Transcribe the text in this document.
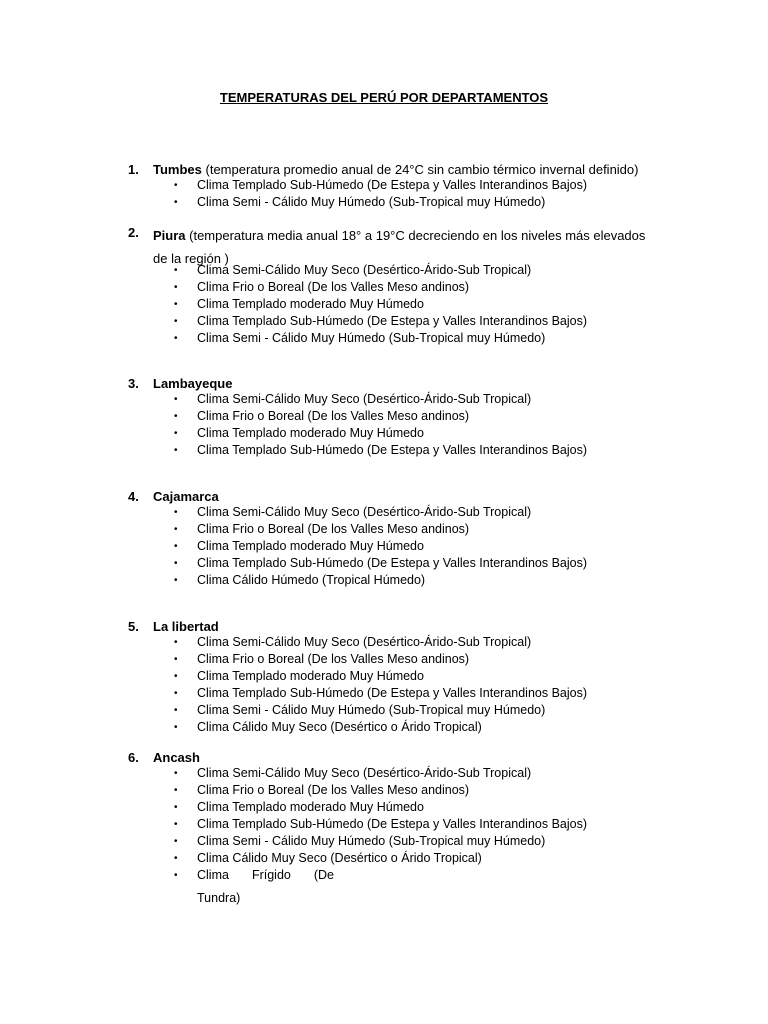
TEMPERATURAS DEL PERÚ POR DEPARTAMENTOS
1.	Tumbes (temperatura promedio anual de 24°C sin cambio térmico invernal definido)
• Clima Templado Sub-Húmedo (De Estepa y Valles Interandinos Bajos)
• Clima Semi - Cálido Muy Húmedo (Sub-Tropical muy Húmedo)
2.	Piura (temperatura media anual 18° a 19°C decreciendo en los niveles más elevados de la región )
• Clima Semi-Cálido Muy Seco (Desértico-Árido-Sub Tropical)
• Clima Frio o Boreal (De los Valles Meso andinos)
• Clima Templado moderado Muy Húmedo
• Clima Templado Sub-Húmedo (De Estepa y Valles Interandinos Bajos)
• Clima Semi - Cálido Muy Húmedo (Sub-Tropical muy Húmedo)
3.	Lambayeque
• Clima Semi-Cálido Muy Seco (Desértico-Árido-Sub Tropical)
• Clima Frio o Boreal (De los Valles Meso andinos)
• Clima Templado moderado Muy Húmedo
• Clima Templado Sub-Húmedo (De Estepa y Valles Interandinos Bajos)
4.	Cajamarca
• Clima Semi-Cálido Muy Seco (Desértico-Árido-Sub Tropical)
• Clima Frio o Boreal (De los Valles Meso andinos)
• Clima Templado moderado Muy Húmedo
• Clima Templado Sub-Húmedo (De Estepa y Valles Interandinos Bajos)
• Clima Cálido Húmedo (Tropical Húmedo)
5.	La libertad
• Clima Semi-Cálido Muy Seco (Desértico-Árido-Sub Tropical)
• Clima Frio o Boreal (De los Valles Meso andinos)
• Clima Templado moderado Muy Húmedo
• Clima Templado Sub-Húmedo (De Estepa y Valles Interandinos Bajos)
• Clima Semi - Cálido Muy Húmedo (Sub-Tropical muy Húmedo)
• Clima Cálido Muy Seco (Desértico o Árido Tropical)
6.	Ancash
• Clima Semi-Cálido Muy Seco (Desértico-Árido-Sub Tropical)
• Clima Frio o Boreal (De los Valles Meso andinos)
• Clima Templado moderado Muy Húmedo
• Clima Templado Sub-Húmedo (De Estepa y Valles Interandinos Bajos)
• Clima Semi - Cálido Muy Húmedo (Sub-Tropical muy Húmedo)
• Clima Cálido Muy Seco (Desértico o Árido Tropical)
• Clima Frígido (De
Tundra)
